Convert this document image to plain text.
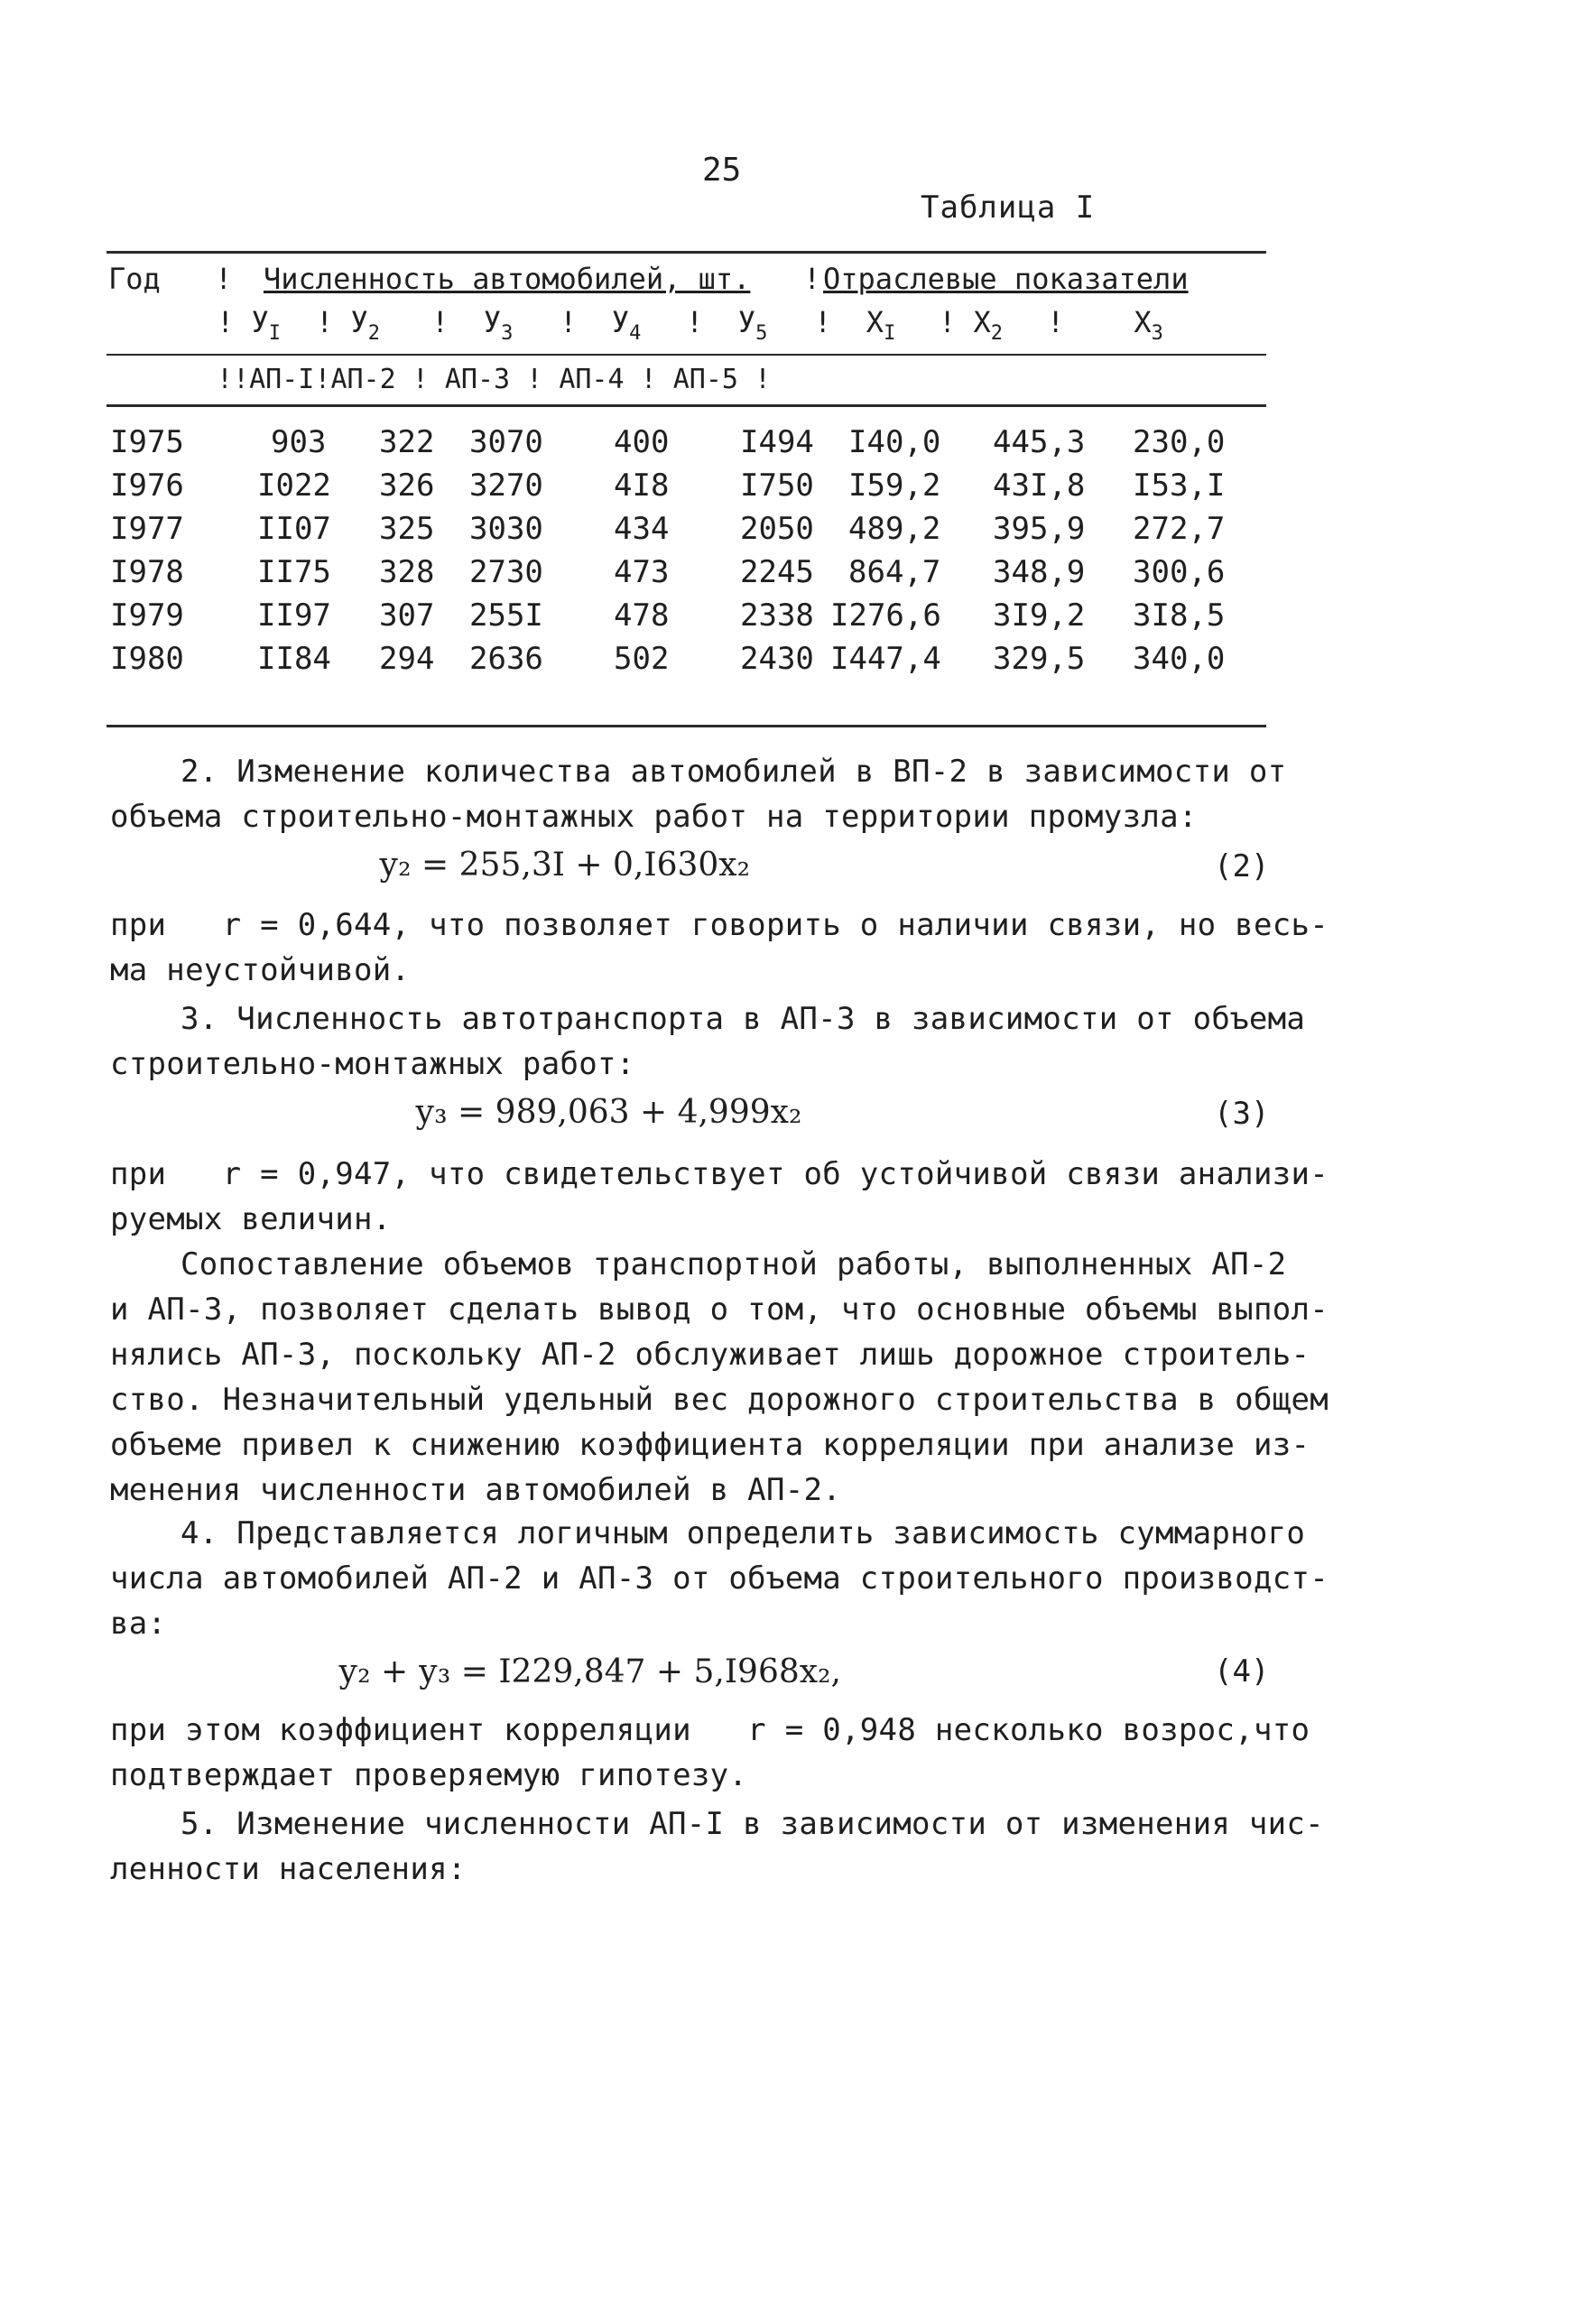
25
Таблица I
Год ! Численность автомобилей, шт. ! Отраслевые показатели
! $У_I$ ! $У_2$ !  $У_3$ !  $У_4$ !  $У_5$ !  $Х_I$ ! $Х_2$ !    $Х_3$
!!АП-I!АП-2 ! АП-3 ! АП-4 ! АП-5 !
I975	903 322 3070 400 I494 I40,0 445,3 230,0
I976 I022 326 3270 4I8 I750 I59,2 43I,8 I53,I
I977 II07 325 3030 434 2050 489,2 395,9 272,7
I978 II75 328 2730 473 2245 864,7 348,9 300,6
I979 II97 307 255I 478 2338 I276,6 3I9,2 3I8,5
I980 II84 294 2636 502 2430 I447,4 329,5 340,0
2. Изменение количества автомобилей в ВП-2 в зависимости от
объема строительно-монтажных работ на территории промузла:
у₂ = 255,3I + 0,I630x₂	(2)
при   r = 0,644, что позволяет говорить о наличии связи, но весь-
ма неустойчивой.
3. Численность автотранспорта в АП-3 в зависимости от объема
строительно-монтажных работ:
у₃ = 989,063 + 4,999x₂	(3)
при   r = 0,947, что свидетельствует об устойчивой связи анализи-
руемых величин.
Сопоставление объемов транспортной работы, выполненных АП-2
и АП-3, позволяет сделать вывод о том, что основные объемы выпол-
нялись АП-3, поскольку АП-2 обслуживает лишь дорожное строитель-
ство. Незначительный удельный вес дорожного строительства в общем
объеме привел к снижению коэффициента корреляции при анализе из-
менения численности автомобилей в АП-2.
4. Представляется логичным определить зависимость суммарного
числа автомобилей АП-2 и АП-3 от объема строительного производст-
ва:
у₂ + у₃ = I229,847 + 5,I968x₂,	(4)
при этом коэффициент корреляции   r = 0,948 несколько возрос,что
подтверждает проверяемую гипотезу.
5. Изменение численности АП-I в зависимости от изменения чис-
ленности населения:
